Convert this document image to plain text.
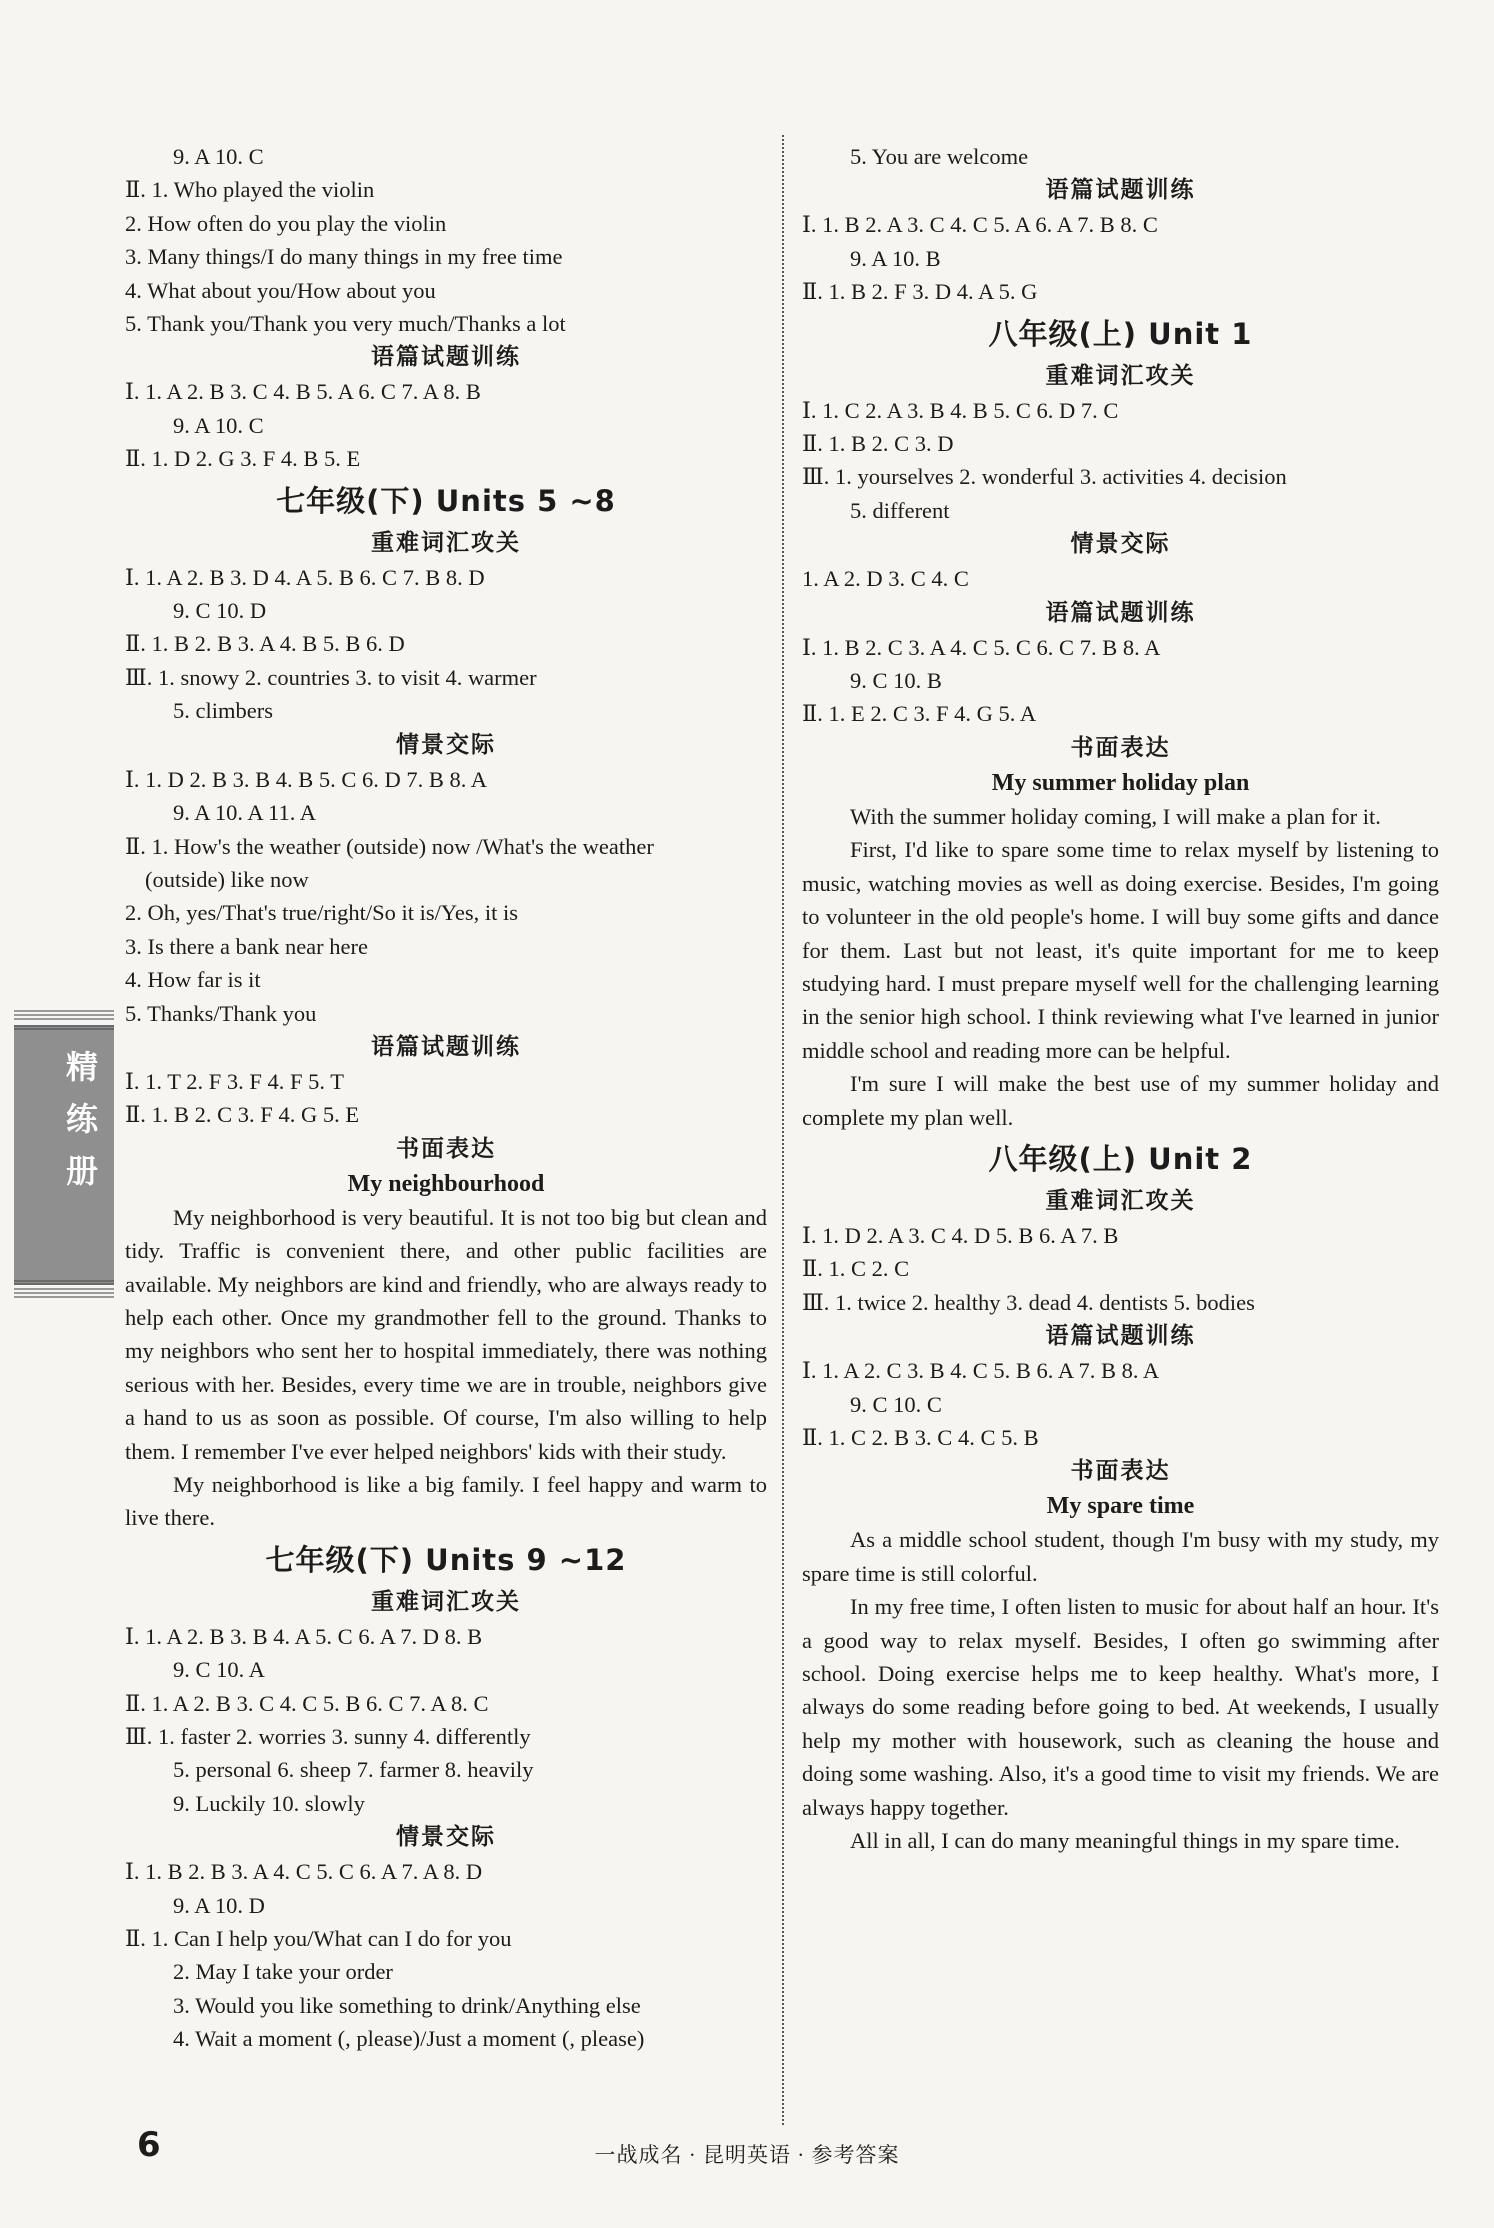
精练册
9. A 10. C
Ⅱ. 1. Who played the violin
2. How often do you play the violin
3. Many things/I do many things in my free time
4. What about you/How about you
5. Thank you/Thank you very much/Thanks a lot
语篇试题训练
Ⅰ. 1. A 2. B 3. C 4. B 5. A 6. C 7. A 8. B
9. A 10. C
Ⅱ. 1. D 2. G 3. F 4. B 5. E
七年级(下) Units 5 ~8
重难词汇攻关
Ⅰ. 1. A 2. B 3. D 4. A 5. B 6. C 7. B 8. D
9. C 10. D
Ⅱ. 1. B 2. B 3. A 4. B 5. B 6. D
Ⅲ. 1. snowy 2. countries 3. to visit 4. warmer
5. climbers
情景交际
Ⅰ. 1. D 2. B 3. B 4. B 5. C 6. D 7. B 8. A
9. A 10. A 11. A
Ⅱ. 1. How's the weather (outside) now /What's the weather
(outside) like now
2. Oh, yes/That's true/right/So it is/Yes, it is
3. Is there a bank near here
4. How far is it
5. Thanks/Thank you
语篇试题训练
Ⅰ. 1. T 2. F 3. F 4. F 5. T
Ⅱ. 1. B 2. C 3. F 4. G 5. E
书面表达
My neighbourhood
My neighborhood is very beautiful. It is not too big but clean and tidy. Traffic is convenient there, and other public facilities are available. My neighbors are kind and friendly, who are always ready to help each other. Once my grandmother fell to the ground. Thanks to my neighbors who sent her to hospital immediately, there was nothing serious with her. Besides, every time we are in trouble, neighbors give a hand to us as soon as possible. Of course, I'm also willing to help them. I remember I've ever helped neighbors' kids with their study.
My neighborhood is like a big family. I feel happy and warm to live there.
七年级(下) Units 9 ~12
重难词汇攻关
Ⅰ. 1. A 2. B 3. B 4. A 5. C 6. A 7. D 8. B
9. C 10. A
Ⅱ. 1. A 2. B 3. C 4. C 5. B 6. C 7. A 8. C
Ⅲ. 1. faster 2. worries 3. sunny 4. differently
5. personal 6. sheep 7. farmer 8. heavily
9. Luckily 10. slowly
情景交际
Ⅰ. 1. B 2. B 3. A 4. C 5. C 6. A 7. A 8. D
9. A 10. D
Ⅱ. 1. Can I help you/What can I do for you
2. May I take your order
3. Would you like something to drink/Anything else
4. Wait a moment (, please)/Just a moment (, please)
5. You are welcome
语篇试题训练
Ⅰ. 1. B 2. A 3. C 4. C 5. A 6. A 7. B 8. C
9. A 10. B
Ⅱ. 1. B 2. F 3. D 4. A 5. G
八年级(上) Unit 1
重难词汇攻关
Ⅰ. 1. C 2. A 3. B 4. B 5. C 6. D 7. C
Ⅱ. 1. B 2. C 3. D
Ⅲ. 1. yourselves 2. wonderful 3. activities 4. decision
5. different
情景交际
1. A 2. D 3. C 4. C
语篇试题训练
Ⅰ. 1. B 2. C 3. A 4. C 5. C 6. C 7. B 8. A
9. C 10. B
Ⅱ. 1. E 2. C 3. F 4. G 5. A
书面表达
My summer holiday plan
With the summer holiday coming, I will make a plan for it.
First, I'd like to spare some time to relax myself by listening to music, watching movies as well as doing exercise. Besides, I'm going to volunteer in the old people's home. I will buy some gifts and dance for them. Last but not least, it's quite important for me to keep studying hard. I must prepare myself well for the challenging learning in the senior high school. I think reviewing what I've learned in junior middle school and reading more can be helpful.
I'm sure I will make the best use of my summer holiday and complete my plan well.
八年级(上) Unit 2
重难词汇攻关
Ⅰ. 1. D 2. A 3. C 4. D 5. B 6. A 7. B
Ⅱ. 1. C 2. C
Ⅲ. 1. twice 2. healthy 3. dead 4. dentists 5. bodies
语篇试题训练
Ⅰ. 1. A 2. C 3. B 4. C 5. B 6. A 7. B 8. A
9. C 10. C
Ⅱ. 1. C 2. B 3. C 4. C 5. B
书面表达
My spare time
As a middle school student, though I'm busy with my study, my spare time is still colorful.
In my free time, I often listen to music for about half an hour. It's a good way to relax myself. Besides, I often go swimming after school. Doing exercise helps me to keep healthy. What's more, I always do some reading before going to bed. At weekends, I usually help my mother with housework, such as cleaning the house and doing some washing. Also, it's a good time to visit my friends. We are always happy together.
All in all, I can do many meaningful things in my spare time.
6	一战成名 · 昆明英语 · 参考答案
